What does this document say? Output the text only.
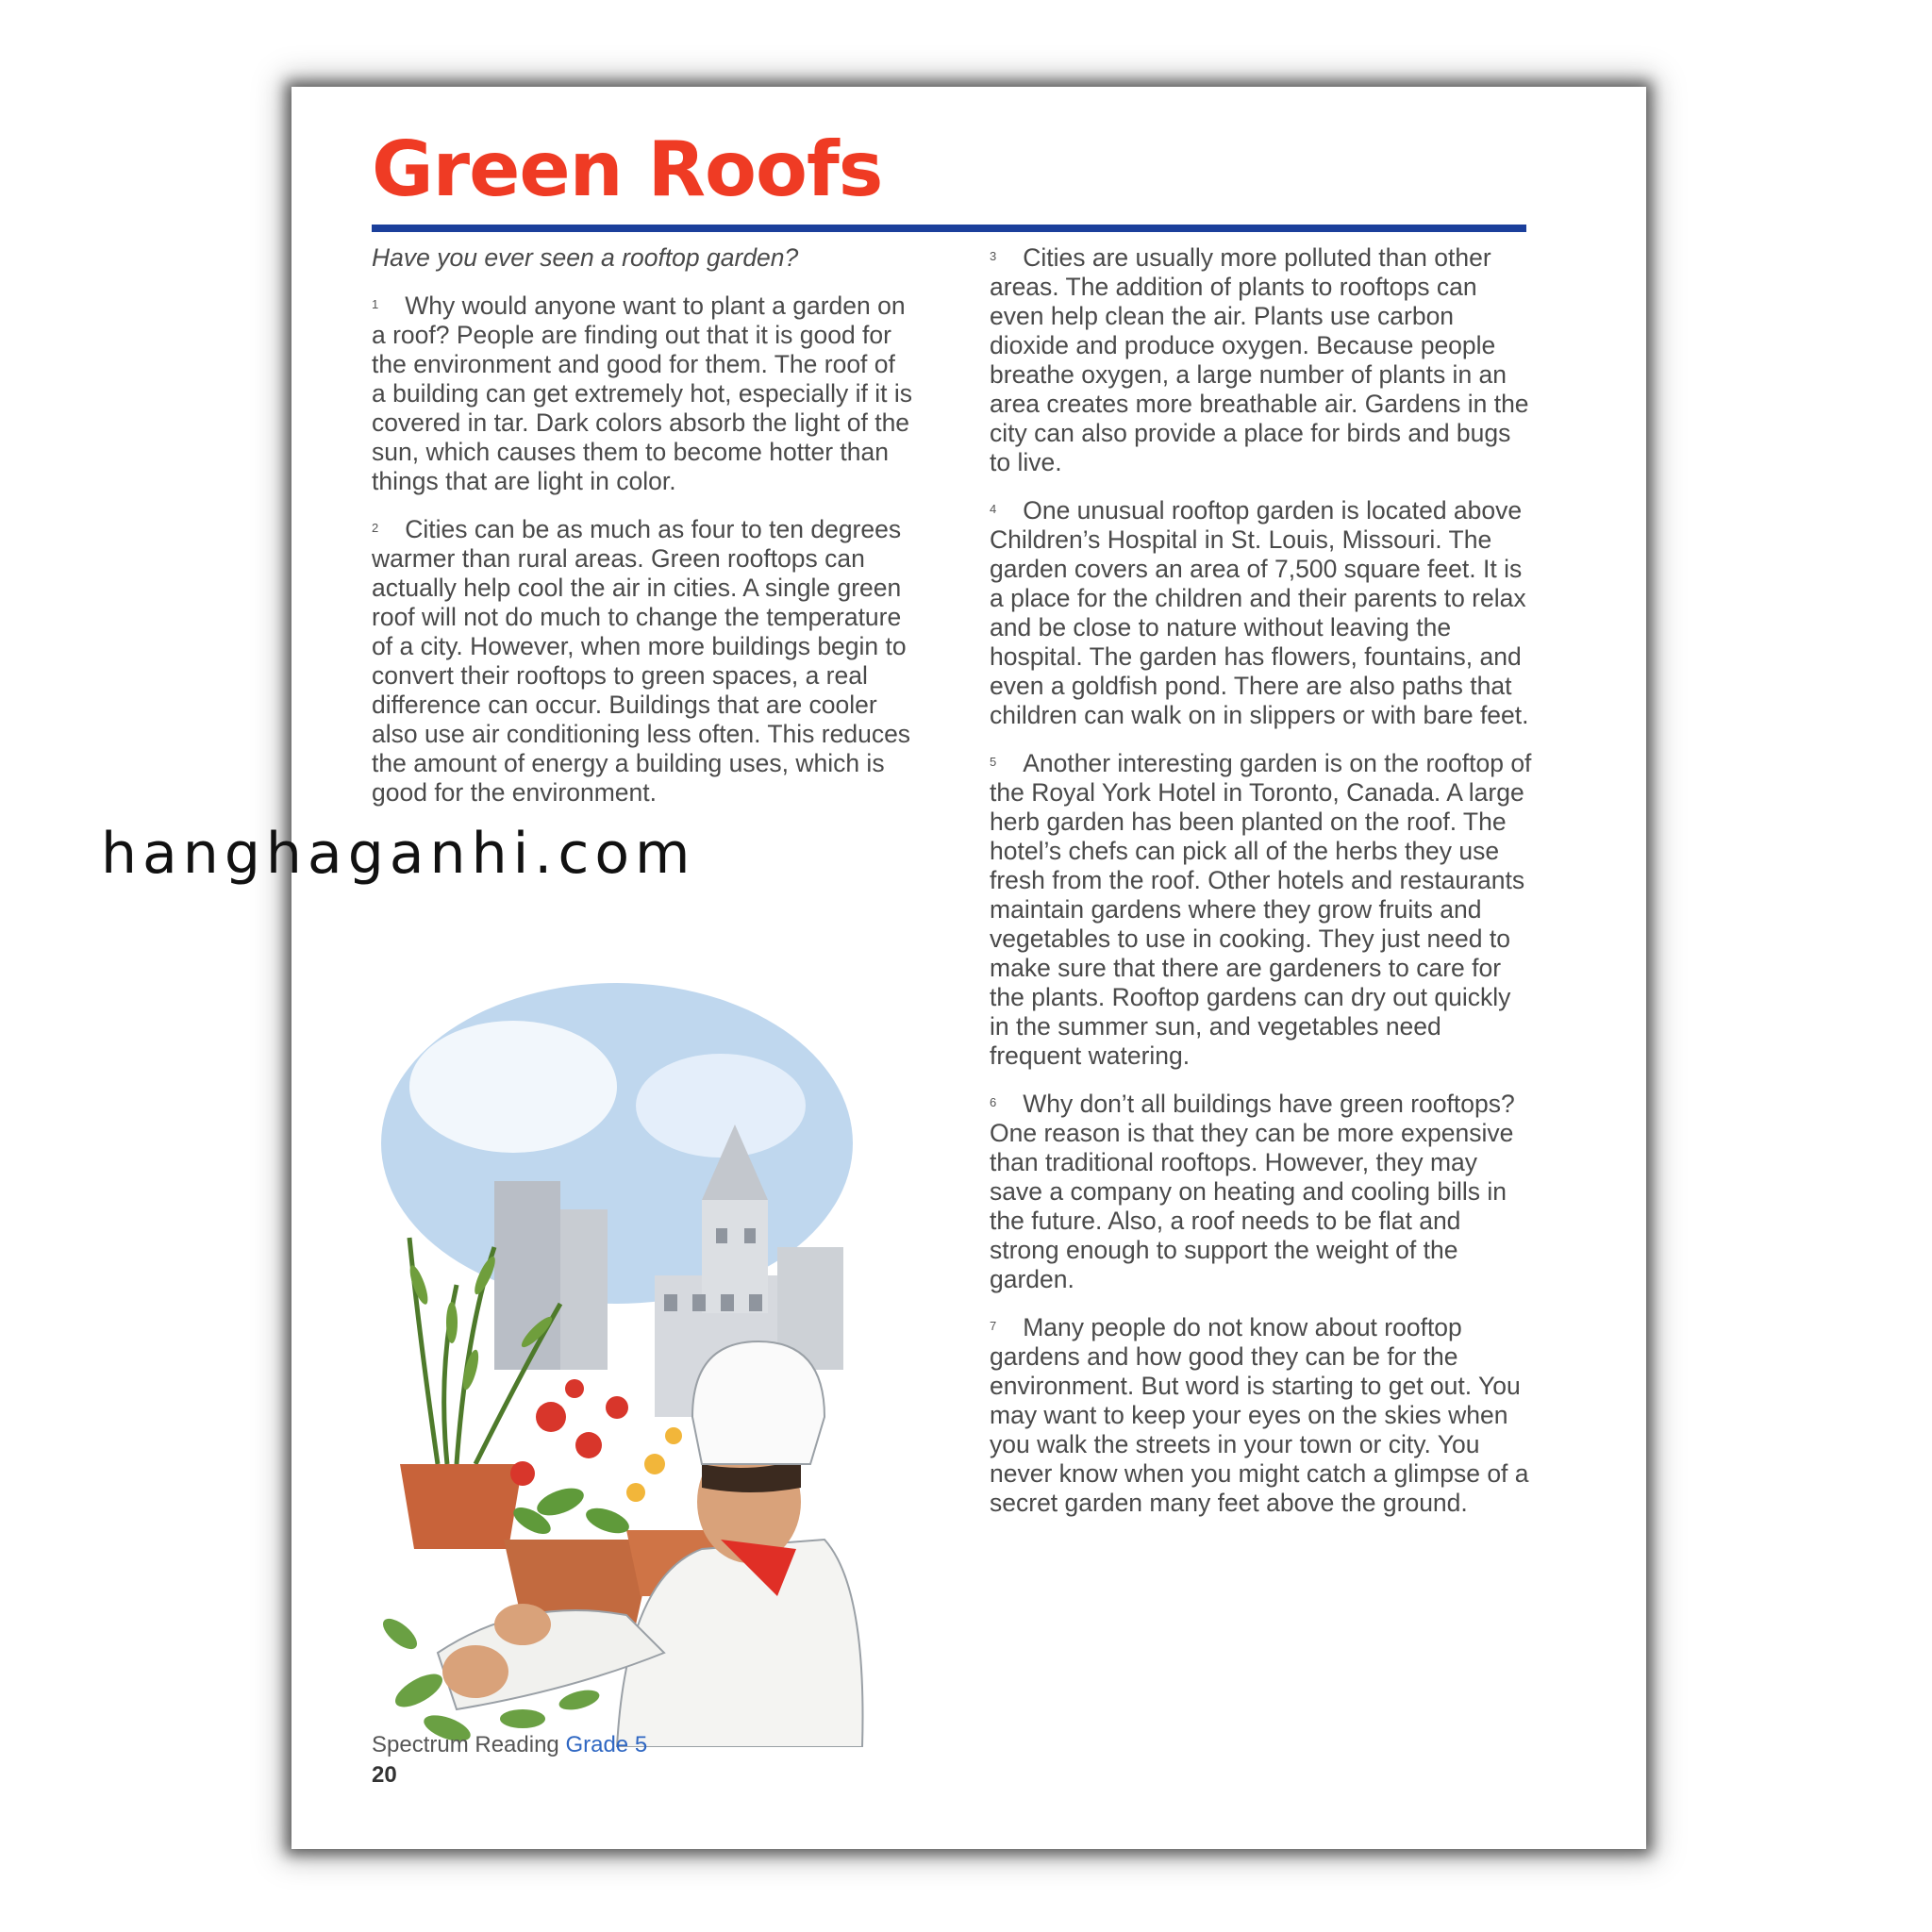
Green Roofs

Have you ever seen a rooftop garden?

$^1$ Why would anyone want to plant a garden on a roof? People are finding out that it is good for the environment and good for them. The roof of a building can get extremely hot, especially if it is covered in tar. Dark colors absorb the light of the sun, which causes them to become hotter than things that are light in color.

$^2$ Cities can be as much as four to ten degrees warmer than rural areas. Green rooftops can actually help cool the air in cities. A single green roof will not do much to change the temperature of a city. However, when more buildings begin to convert their rooftops to green spaces, a real difference can occur. Buildings that are cooler also use air conditioning less often. This reduces the amount of energy a building uses, which is good for the environment.

$^3$ Cities are usually more polluted than other areas. The addition of plants to rooftops can even help clean the air. Plants use carbon dioxide and produce oxygen. Because people breathe oxygen, a large number of plants in an area creates more breathable air. Gardens in the city can also provide a place for birds and bugs to live.

$^4$ One unusual rooftop garden is located above Children’s Hospital in St. Louis, Missouri. The garden covers an area of 7,500 square feet. It is a place for the children and their parents to relax and be close to nature without leaving the hospital. The garden has flowers, fountains, and even a goldfish pond. There are also paths that children can walk on in slippers or with bare feet.

$^5$ Another interesting garden is on the rooftop of the Royal York Hotel in Toronto, Canada. A large herb garden has been planted on the roof. The hotel’s chefs can pick all of the herbs they use fresh from the roof. Other hotels and restaurants maintain gardens where they grow fruits and vegetables to use in cooking. They just need to make sure that there are gardeners to care for the plants. Rooftop gardens can dry out quickly in the summer sun, and vegetables need frequent watering.

$^6$ Why don’t all buildings have green rooftops? One reason is that they can be more expensive than traditional rooftops. However, they may save a company on heating and cooling bills in the future. Also, a roof needs to be flat and strong enough to support the weight of the garden.

$^7$ Many people do not know about rooftop gardens and how good they can be for the environment. But word is starting to get out. You may want to keep your eyes on the skies when you walk the streets in your town or city. You never know when you might catch a glimpse of a secret garden many feet above the ground.

Spectrum Reading Grade 5
20
hanghaganhi.com
